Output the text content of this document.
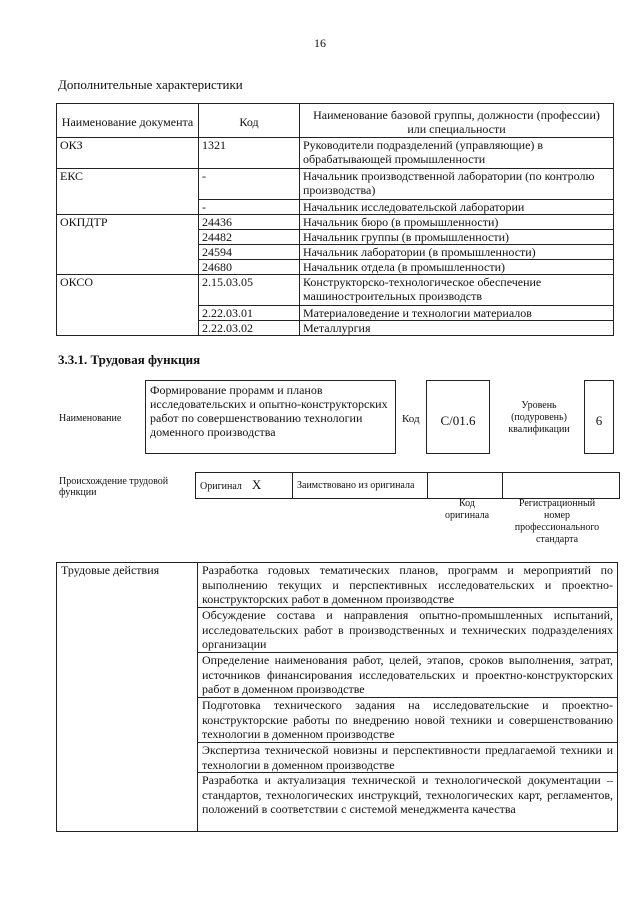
16
Дополнительные характеристики
Наименование документа	Код	Наименование базовой группы, должности (профессии) или специальности
ОКЗ	1321	Руководители подразделений (управляющие) в обрабатывающей промышленности
ЕКС	-	Начальник производственной лаборатории (по контролю производства)
	-	Начальник исследовательской лаборатории
ОКПДТР	24436	Начальник бюро (в промышленности)
	24482	Начальник группы (в промышленности)
	24594	Начальник лаборатории (в промышленности)
	24680	Начальник отдела (в промышленности)
ОКСО	2.15.03.05	Конструкторско-технологическое обеспечение машиностроительных производств
	2.22.03.01	Материаловедение и технологии материалов
	2.22.03.02	Металлургия
3.3.1. Трудовая функция
Наименование
Формирование прорамм и планов исследовательских и опытно-конструкторских работ по совершенствованию технологии доменного производства
Код	C/01.6
Уровень (подуровень) квалификации
6
Происхождение трудовой функции
Оригинал X	Заимствовано из оригинала		
Код оригинала
Регистрационный номер профессионального стандарта
Трудовые действия	Разработка годовых тематических планов, программ и мероприятий по выполнению текущих и перспективных исследовательских и проектно-конструкторских работ в доменном производстве
Обсуждение состава и направления опытно-промышленных испытаний, исследовательских работ в производственных и технических подразделениях организации
Определение наименования работ, целей, этапов, сроков выполнения, затрат, источников финансирования исследовательских и проектно-конструкторских работ в доменном производстве
Подготовка технического задания на исследовательские и проектно-конструкторские работы по внедрению новой техники и совершенствованию технологии в доменном производстве
Экспертиза технической новизны и перспективности предлагаемой техники и технологии в доменном производстве
Разработка и актуализация технической и технологической документации – стандартов, технологических инструкций, технологических карт, регламентов, положений в соответствии с системой менеджмента качества
